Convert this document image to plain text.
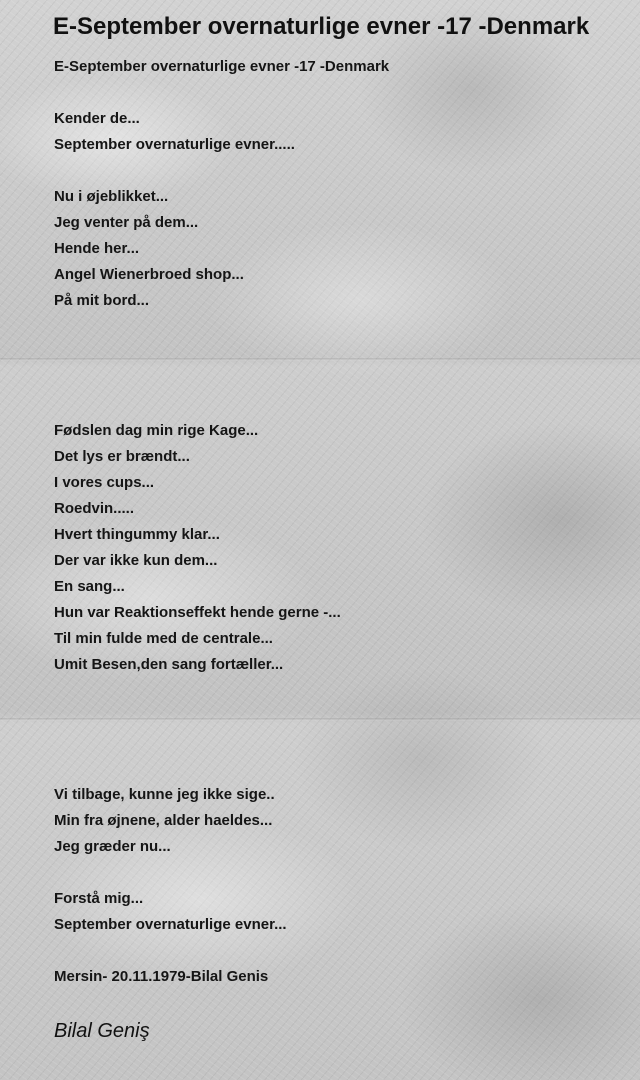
E-September overnaturlige evner -17 -Denmark
E-September overnaturlige evner -17 -Denmark
Kender de...
September overnaturlige evner.....
Nu i øjeblikket...
Jeg venter på dem...
Hende her...
Angel Wienerbroed shop...
På mit bord...
Fødslen dag min rige Kage...
Det lys er brændt...
I vores cups...
Roedvin.....
Hvert thingummy klar...
Der var ikke kun dem...
En sang...
Hun var Reaktionseffekt hende gerne -...
Til min fulde med de centrale...
Umit Besen,den sang fortæller...
Vi tilbage, kunne jeg ikke sige..
Min fra øjnene, alder haeldes...
Jeg græder nu...
Forstå mig...
September overnaturlige evner...
Mersin- 20.11.1979-Bilal Genis
Bilal Geniş
